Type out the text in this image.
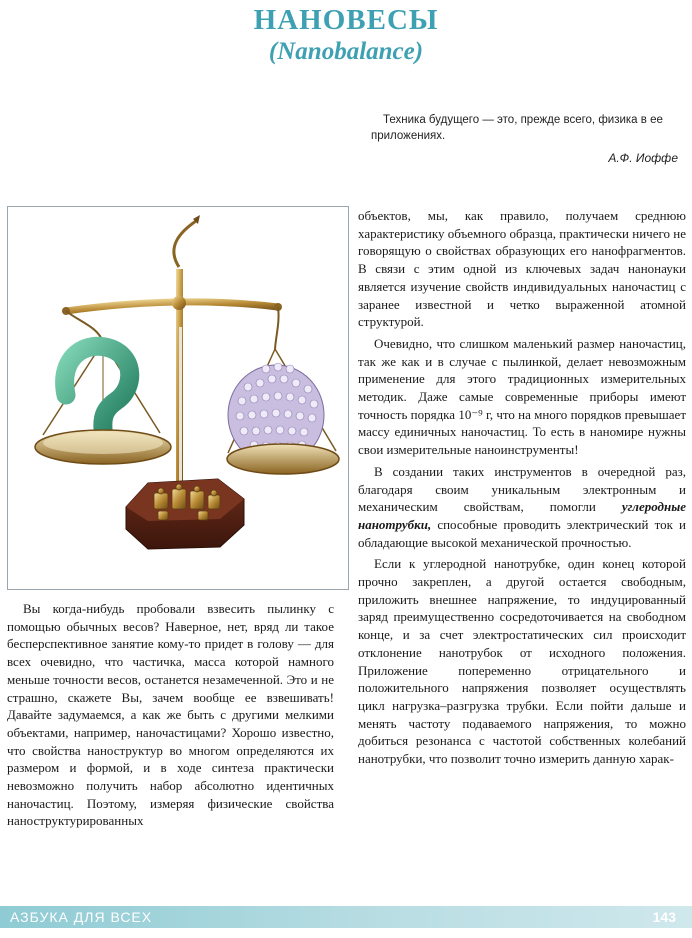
НАНОВЕСЫ
(Nanobalance)
Техника будущего — это, прежде всего, физика в ее приложениях.
А.Ф. Иоффе

Вы когда-нибудь пробовали взвесить пылинку с помощью обычных весов? Наверное, нет, вряд ли такое бесперспективное занятие кому-то придет в голову — для всех очевидно, что частичка, масса которой намного меньше точности весов, останется незамеченной. Это и не страшно, скажете Вы, зачем вообще ее взвешивать! Давайте задумаемся, а как же быть с другими мелкими объектами, например, наночастицами? Хорошо известно, что свойства наноструктур во многом определяются их размером и формой, и в ходе синтеза практически невозможно получить набор абсолютно идентичных наночастиц. Поэтому, измеряя физические свойства наноструктурированных

объектов, мы, как правило, получаем среднюю характеристику объемного образца, практически ничего не говорящую о свойствах образующих его нанофрагментов. В связи с этим одной из ключевых задач нанонауки является изучение свойств индивидуальных наночастиц с заранее известной и четко выраженной атомной структурой.

Очевидно, что слишком маленький размер наночастиц, так же как и в случае с пылинкой, делает невозможным применение для этого традиционных измерительных методик. Даже самые современные приборы имеют точность порядка 10⁻⁹ г, что на много порядков превышает массу единичных наночастиц. То есть в наномире нужны свои измерительные наноинструменты!

В создании таких инструментов в очередной раз, благодаря своим уникальным электронным и механическим свойствам, помогли углеродные нанотрубки, способные проводить электрический ток и обладающие высокой механической прочностью.

Если к углеродной нанотрубке, один конец которой прочно закреплен, а другой остается свободным, приложить внешнее напряжение, то индуцированный заряд преимущественно сосредоточивается на свободном конце, и за счет электростатических сил происходит отклонение нанотрубок от исходного положения. Приложение попеременно отрицательного и положительного напряжения позволяет осуществлять цикл нагрузка–разгрузка трубки. Если пойти дальше и менять частоту подаваемого напряжения, то можно добиться резонанса с частотой собственных колебаний нанотрубки, что позволит точно измерить данную харак-

АЗБУКА ДЛЯ ВСЕХ	143
